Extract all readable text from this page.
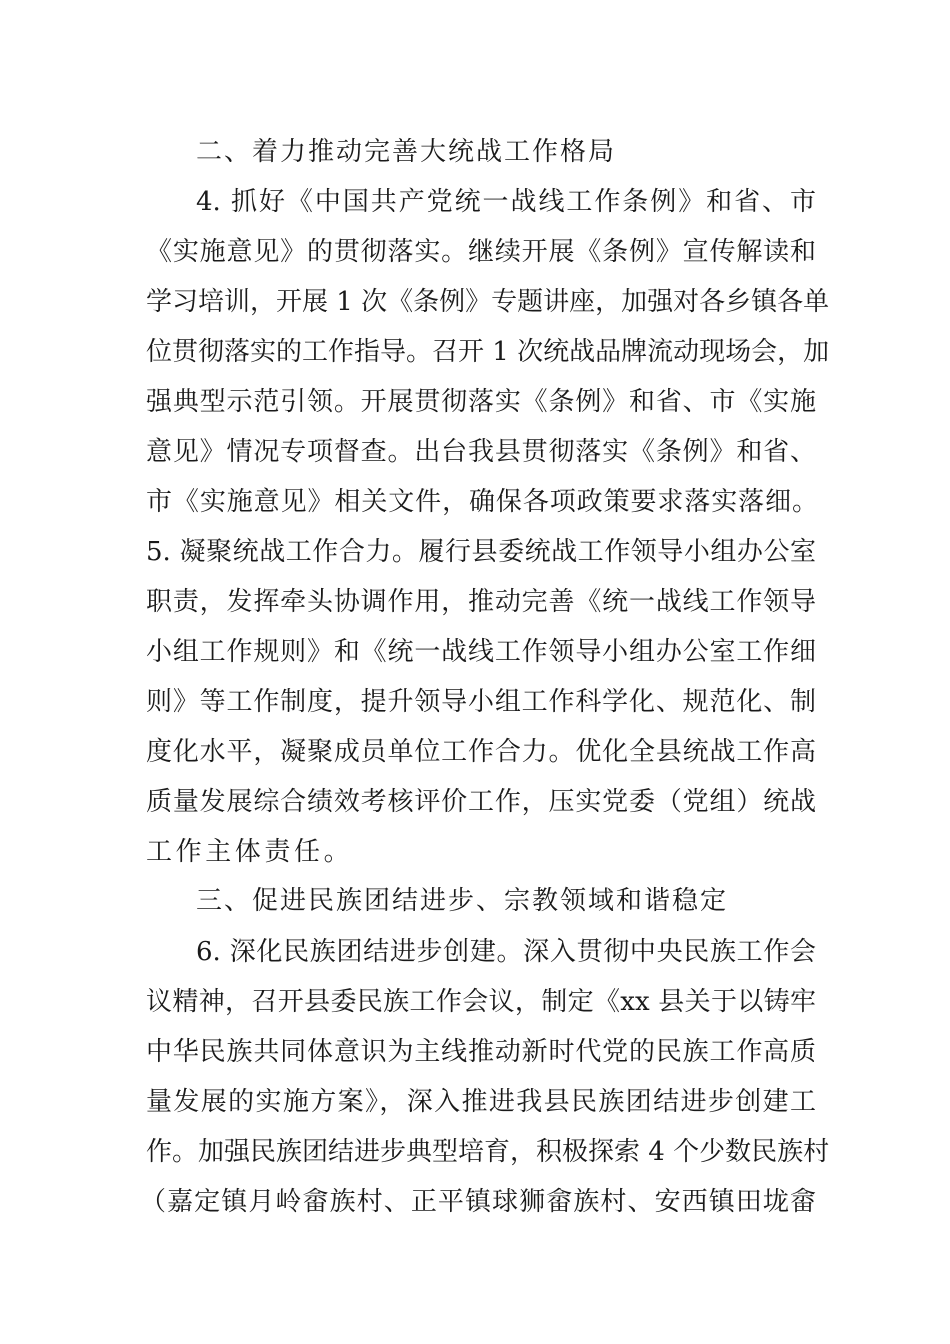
二、着力推动完善大统战工作格局
4. 抓好《中国共产党统一战线工作条例》和省、市
《实施意见》的贯彻落实。继续开展《条例》宣传解读和
学习培训，开展 1 次《条例》专题讲座，加强对各乡镇各单
位贯彻落实的工作指导。召开 1 次统战品牌流动现场会，加
强典型示范引领。开展贯彻落实《条例》和省、市《实施
意见》情况专项督查。出台我县贯彻落实《条例》和省、
市《实施意见》相关文件，确保各项政策要求落实落细。
5. 凝聚统战工作合力。履行县委统战工作领导小组办公室
职责，发挥牵头协调作用，推动完善《统一战线工作领导
小组工作规则》和《统一战线工作领导小组办公室工作细
则》等工作制度，提升领导小组工作科学化、规范化、制
度化水平，凝聚成员单位工作合力。优化全县统战工作高
质量发展综合绩效考核评价工作，压实党委（党组）统战
工作主体责任。
三、促进民族团结进步、宗教领域和谐稳定
6. 深化民族团结进步创建。深入贯彻中央民族工作会
议精神，召开县委民族工作会议，制定《xx 县关于以铸牢
中华民族共同体意识为主线推动新时代党的民族工作高质
量发展的实施方案》，深入推进我县民族团结进步创建工
作。加强民族团结进步典型培育，积极探索 4 个少数民族村
（嘉定镇月岭畲族村、正平镇球狮畲族村、安西镇田垅畲
